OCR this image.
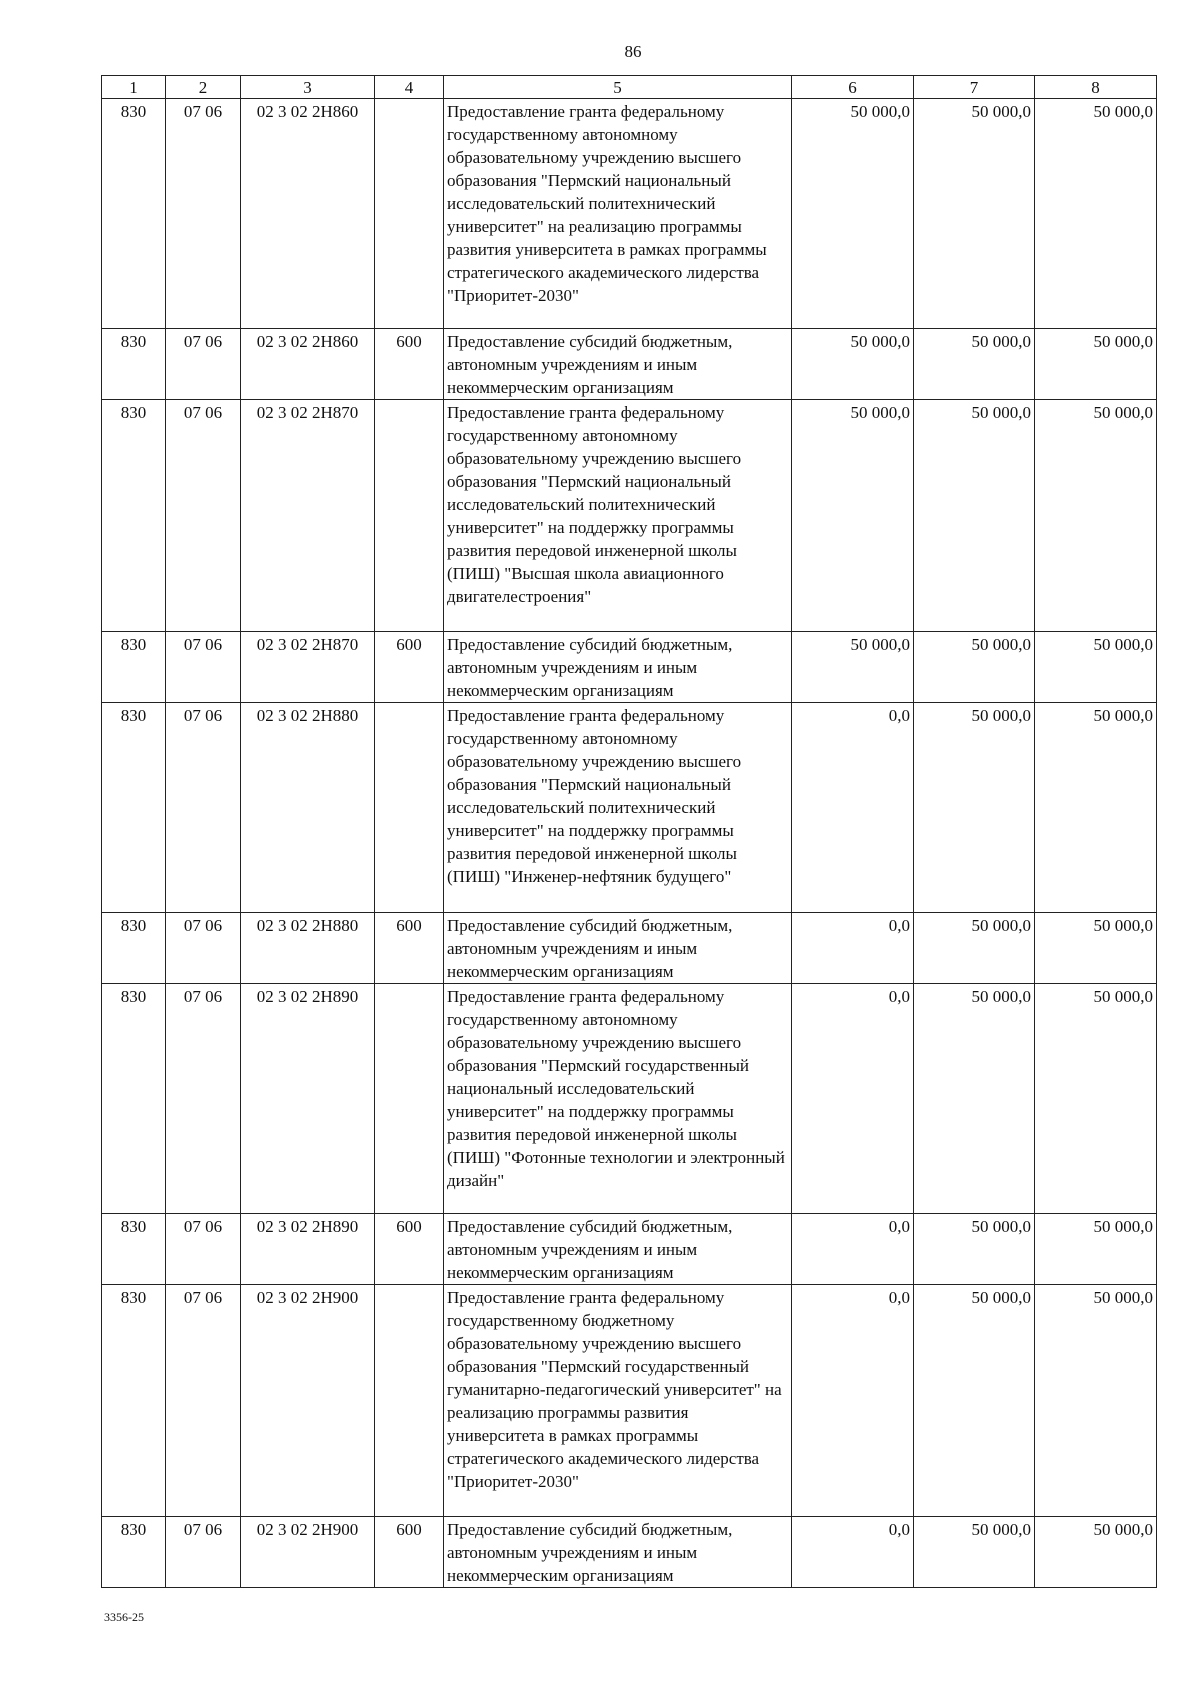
86
1	2	3	4	5	6	7	8
830	07 06	02 3 02 2Н860		Предоставление гранта федеральному государственному автономному образовательному учреждению высшего образования "Пермский национальный исследовательский политехнический университет" на реализацию программы развития университета в рамках программы стратегического академического лидерства "Приоритет-2030"	50 000,0	50 000,0	50 000,0
830	07 06	02 3 02 2Н860	600	Предоставление субсидий бюджетным, автономным учреждениям и иным некоммерческим организациям	50 000,0	50 000,0	50 000,0
830	07 06	02 3 02 2Н870		Предоставление гранта федеральному государственному автономному образовательному учреждению высшего образования "Пермский национальный исследовательский политехнический университет" на поддержку программы развития передовой инженерной школы (ПИШ) "Высшая школа авиационного двигателестроения"	50 000,0	50 000,0	50 000,0
830	07 06	02 3 02 2Н870	600	Предоставление субсидий бюджетным, автономным учреждениям и иным некоммерческим организациям	50 000,0	50 000,0	50 000,0
830	07 06	02 3 02 2Н880		Предоставление гранта федеральному государственному автономному образовательному учреждению высшего образования "Пермский национальный исследовательский политехнический университет" на поддержку программы развития передовой инженерной школы (ПИШ) "Инженер-нефтяник будущего"	0,0	50 000,0	50 000,0
830	07 06	02 3 02 2Н880	600	Предоставление субсидий бюджетным, автономным учреждениям и иным некоммерческим организациям	0,0	50 000,0	50 000,0
830	07 06	02 3 02 2Н890		Предоставление гранта федеральному государственному автономному образовательному учреждению высшего образования "Пермский государственный национальный исследовательский университет" на поддержку программы развития передовой инженерной школы (ПИШ) "Фотонные технологии и электронный дизайн"	0,0	50 000,0	50 000,0
830	07 06	02 3 02 2Н890	600	Предоставление субсидий бюджетным, автономным учреждениям и иным некоммерческим организациям	0,0	50 000,0	50 000,0
830	07 06	02 3 02 2Н900		Предоставление гранта федеральному государственному бюджетному образовательному учреждению высшего образования "Пермский государственный гуманитарно-педагогический университет" на реализацию программы развития университета в рамках программы стратегического академического лидерства "Приоритет-2030"	0,0	50 000,0	50 000,0
830	07 06	02 3 02 2Н900	600	Предоставление субсидий бюджетным, автономным учреждениям и иным некоммерческим организациям	0,0	50 000,0	50 000,0
3356-25
